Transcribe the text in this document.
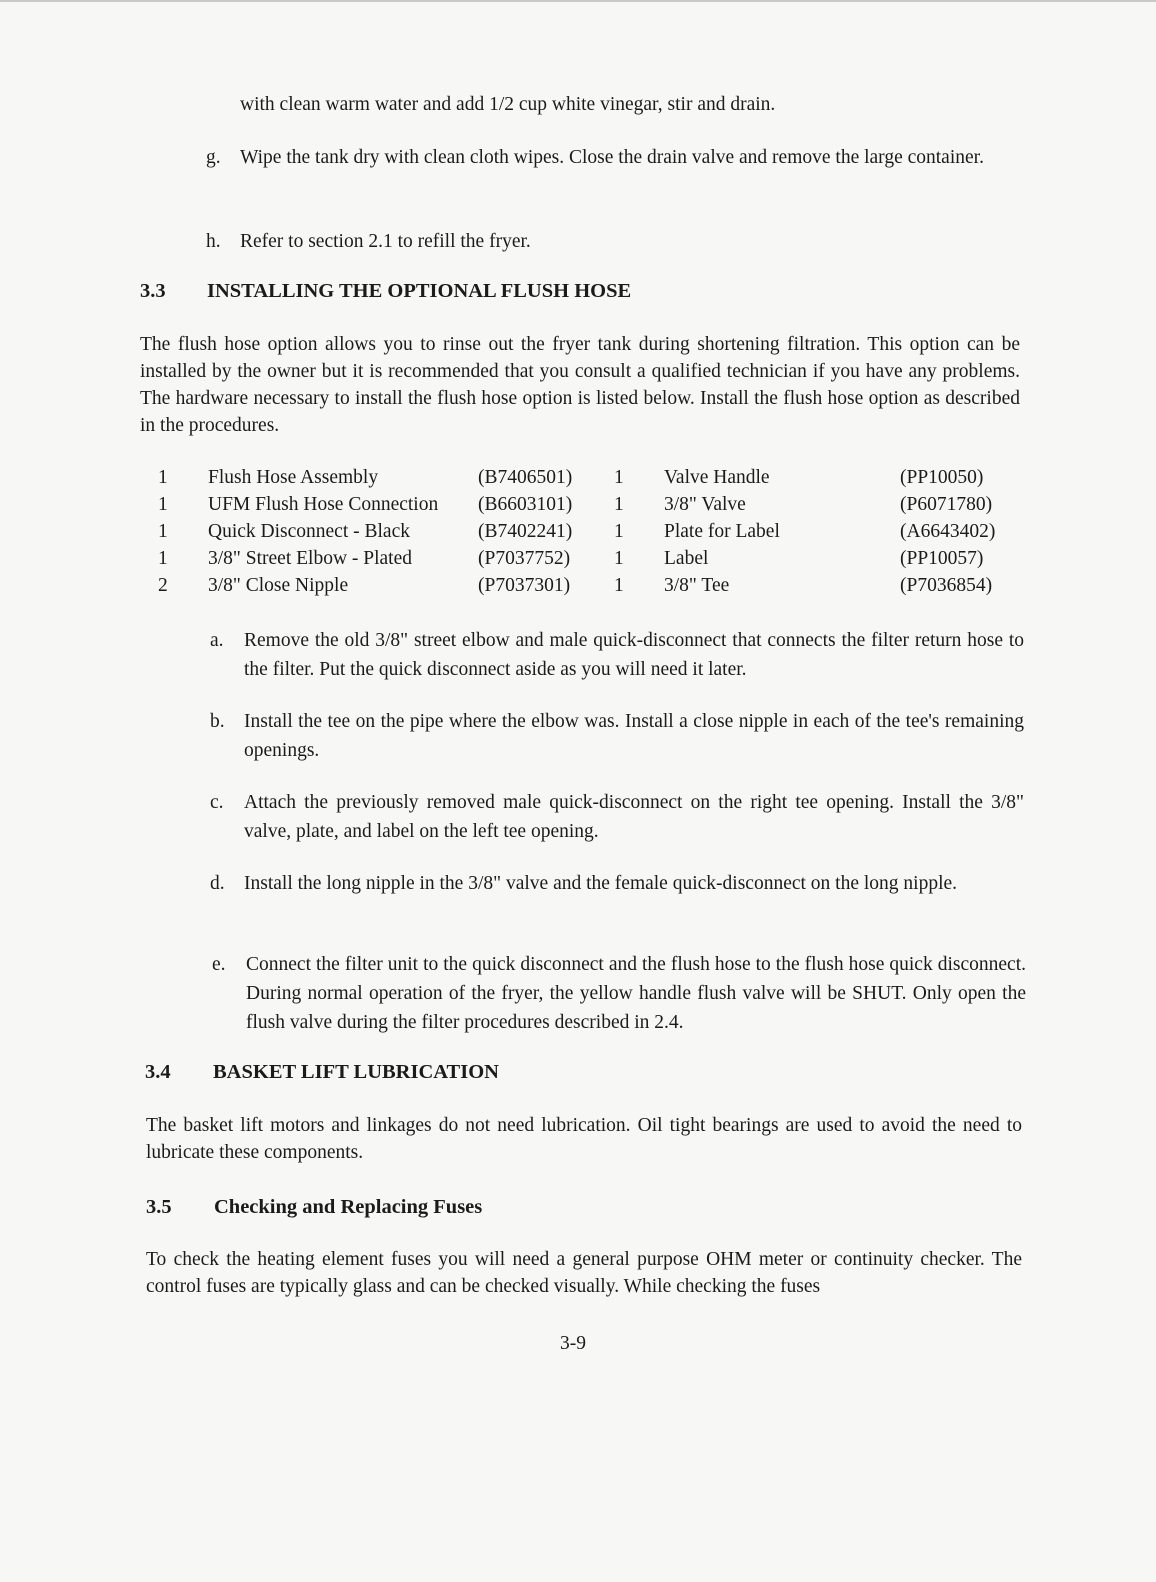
with clean warm water and add 1/2 cup white vinegar, stir and drain.
g. Wipe the tank dry with clean cloth wipes. Close the drain valve and remove the large container.
h. Refer to section 2.1 to refill the fryer.
3.3 INSTALLING THE OPTIONAL FLUSH HOSE
The flush hose option allows you to rinse out the fryer tank during shortening filtration. This option can be installed by the owner but it is recommended that you consult a qualified technician if you have any problems. The hardware necessary to install the flush hose option is listed below. Install the flush hose option as described in the procedures.
1 Flush Hose Assembly	(B7406501) 1 Valve Handle	(PP10050)
1 UFM Flush Hose Connection (B6603101) 1 3/8" Valve	(P6071780)
1 Quick Disconnect - Black	(B7402241) 1 Plate for Label	(A6643402)
1 3/8" Street Elbow - Plated	(P7037752) 1 Label	(PP10057)
2 3/8" Close Nipple	(P7037301) 1 3/8" Tee	(P7036854)
a. Remove the old 3/8" street elbow and male quick-disconnect that connects the filter return hose to the filter. Put the quick disconnect aside as you will need it later.
b. Install the tee on the pipe where the elbow was. Install a close nipple in each of the tee's remaining openings.
c. Attach the previously removed male quick-disconnect on the right tee opening. Install the 3/8" valve, plate, and label on the left tee opening.
d. Install the long nipple in the 3/8" valve and the female quick-disconnect on the long nipple.
e. Connect the filter unit to the quick disconnect and the flush hose to the flush hose quick disconnect. During normal operation of the fryer, the yellow handle flush valve will be SHUT. Only open the flush valve during the filter procedures described in 2.4.
3.4 BASKET LIFT LUBRICATION
The basket lift motors and linkages do not need lubrication. Oil tight bearings are used to avoid the need to lubricate these components.
3.5 Checking and Replacing Fuses
To check the heating element fuses you will need a general purpose OHM meter or continuity checker. The control fuses are typically glass and can be checked visually. While checking the fuses
3-9
